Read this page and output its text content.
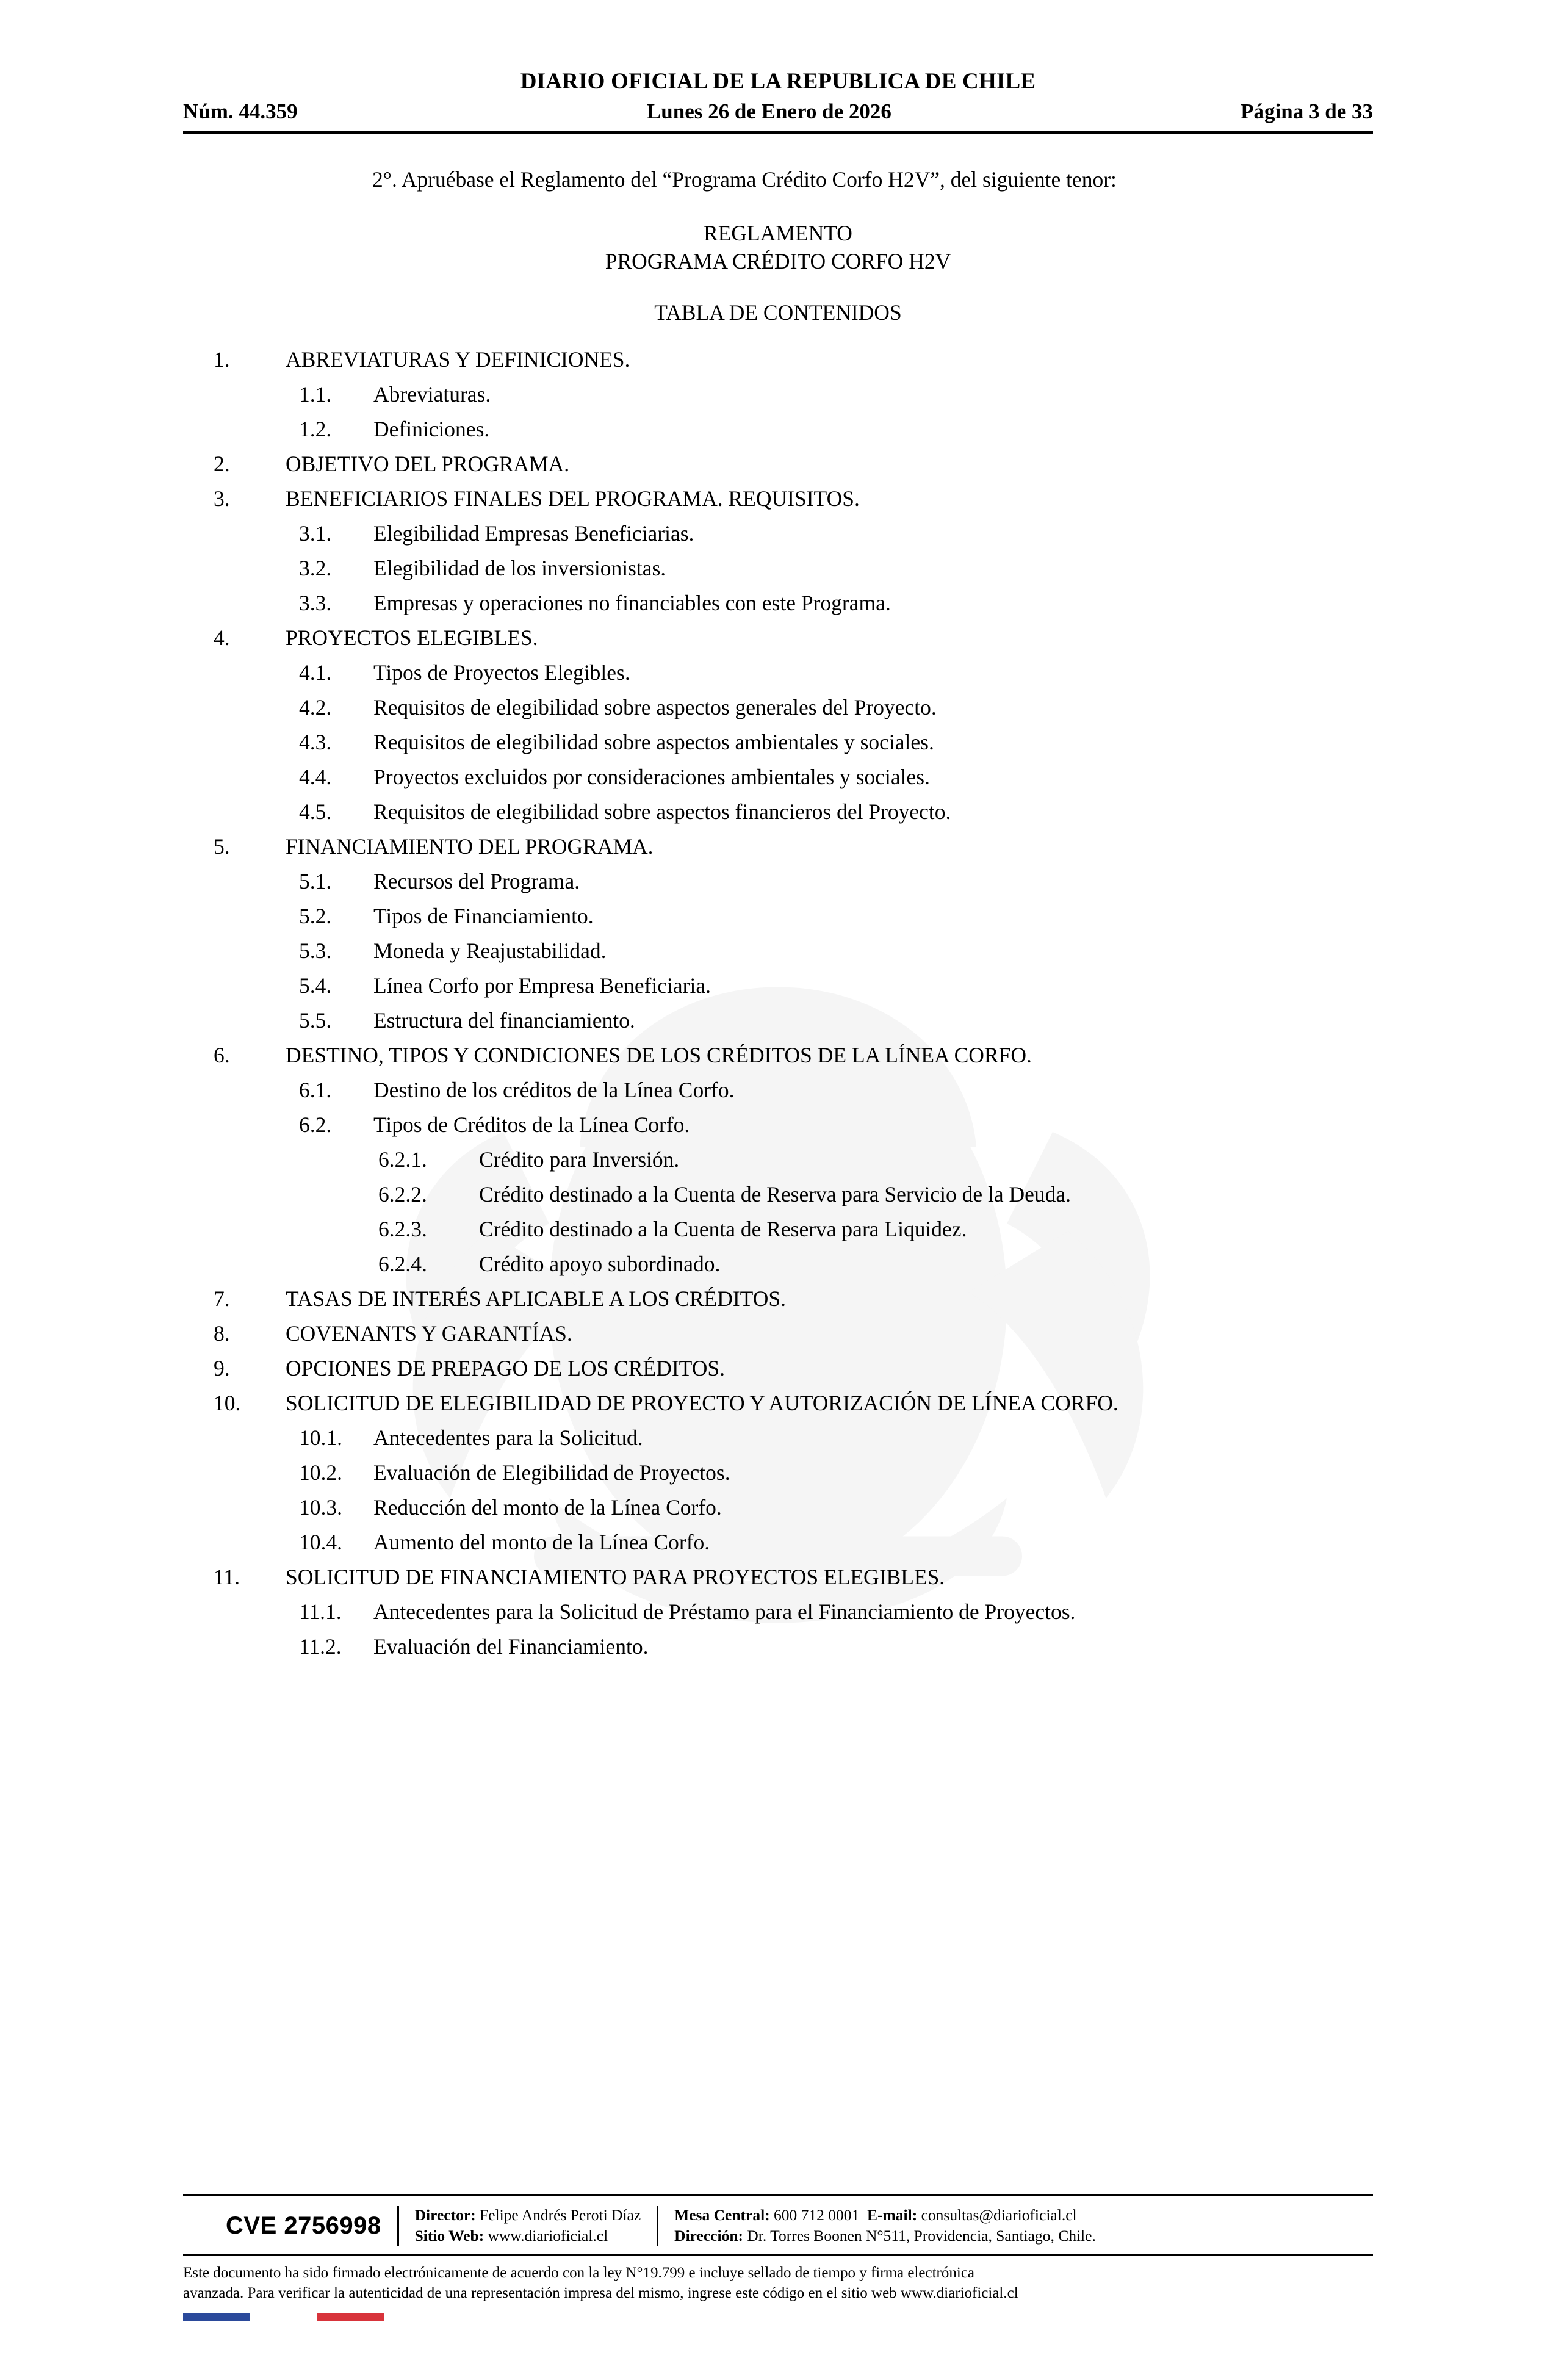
DIARIO OFICIAL DE LA REPUBLICA DE CHILE
Núm. 44.359	Lunes 26 de Enero de 2026	Página 3 de 33

2°. Apruébase el Reglamento del “Programa Crédito Corfo H2V”, del siguiente tenor:

REGLAMENTO
PROGRAMA CRÉDITO CORFO H2V
TABLA DE CONTENIDOS
1.	ABREVIATURAS Y DEFINICIONES.
1.1.	Abreviaturas.
1.2.	Definiciones.
2.	OBJETIVO DEL PROGRAMA.
3.	BENEFICIARIOS FINALES DEL PROGRAMA. REQUISITOS.
3.1.	Elegibilidad Empresas Beneficiarias.
3.2.	Elegibilidad de los inversionistas.
3.3.	Empresas y operaciones no financiables con este Programa.
4.	PROYECTOS ELEGIBLES.
4.1.	Tipos de Proyectos Elegibles.
4.2.	Requisitos de elegibilidad sobre aspectos generales del Proyecto.
4.3.	Requisitos de elegibilidad sobre aspectos ambientales y sociales.
4.4.	Proyectos excluidos por consideraciones ambientales y sociales.
4.5.	Requisitos de elegibilidad sobre aspectos financieros del Proyecto.
5.	FINANCIAMIENTO DEL PROGRAMA.
5.1.	Recursos del Programa.
5.2.	Tipos de Financiamiento.
5.3.	Moneda y Reajustabilidad.
5.4.	Línea Corfo por Empresa Beneficiaria.
5.5.	Estructura del financiamiento.
6.	DESTINO, TIPOS Y CONDICIONES DE LOS CRÉDITOS DE LA LÍNEA CORFO.
6.1.	Destino de los créditos de la Línea Corfo.
6.2.	Tipos de Créditos de la Línea Corfo.
6.2.1.	Crédito para Inversión.
6.2.2.	Crédito destinado a la Cuenta de Reserva para Servicio de la Deuda.
6.2.3.	Crédito destinado a la Cuenta de Reserva para Liquidez.
6.2.4.	Crédito apoyo subordinado.
7.	TASAS DE INTERÉS APLICABLE A LOS CRÉDITOS.
8.	COVENANTS Y GARANTÍAS.
9.	OPCIONES DE PREPAGO DE LOS CRÉDITOS.
10.	SOLICITUD DE ELEGIBILIDAD DE PROYECTO Y AUTORIZACIÓN DE LÍNEA CORFO.
10.1.	Antecedentes para la Solicitud.
10.2.	Evaluación de Elegibilidad de Proyectos.
10.3.	Reducción del monto de la Línea Corfo.
10.4.	Aumento del monto de la Línea Corfo.
11.	SOLICITUD DE FINANCIAMIENTO PARA PROYECTOS ELEGIBLES.
11.1.	Antecedentes para la Solicitud de Préstamo para el Financiamiento de Proyectos.
11.2.	Evaluación del Financiamiento.
CVE 2756998	Director: Felipe Andrés Peroti Díaz
Sitio Web: www.diarioficial.cl
Mesa Central: 600 712 0001 E-mail: consultas@diarioficial.cl
Dirección: Dr. Torres Boonen N°511, Providencia, Santiago, Chile.
Este documento ha sido firmado electrónicamente de acuerdo con la ley N°19.799 e incluye sellado de tiempo y firma electrónica
avanzada. Para verificar la autenticidad de una representación impresa del mismo, ingrese este código en el sitio web www.diarioficial.cl
